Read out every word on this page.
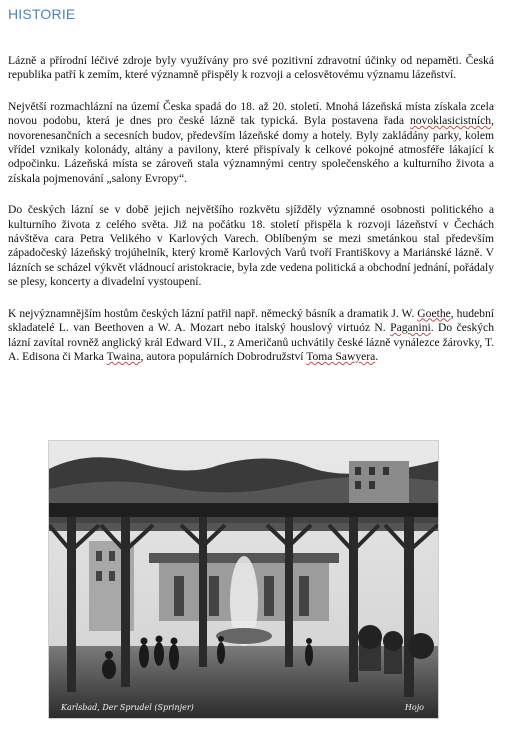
HISTORIE

Lázně a přírodní léčivé zdroje byly využívány pro své pozitivní zdravotní účinky od nepaměti. Česká republika patří k zemím, které významně přispěly k rozvoji a celosvětovému významu lázeňství.

Největší rozmachlázní na území Česka spadá do 18. až 20. století. Mnohá lázeňská místa získala zcela novou podobu, která je dnes pro české lázně tak typická. Byla postavena řada novoklasicistních, novorenesančních a secesních budov, především lázeňské domy a hotely. Byly zakládány parky, kolem vřídel vznikaly kolonády, altány a pavilony, které přispívaly k celkové pokojné atmosféře lákající k odpočinku. Lázeňská místa se zároveň stala významnými centry společenského a kulturního života a získala pojmenování „salony Evropy“.

Do českých lázní se v době jejich největšího rozkvětu sjížděly významné osobnosti politického a kulturního života z celého světa. Již na počátku 18. století přispěla k rozvoji lázeňství v Čechách návštěva cara Petra Velikého v Karlových Varech. Oblíbeným se mezi smetánkou stal především západočeský lázeňský trojúhelník, který kromě Karlových Varů tvoří Františkovy a Mariánské lázně. V lázních se scházel výkvět vládnoucí aristokracie, byla zde vedena politická a obchodní jednání, pořádaly se plesy, koncerty a divadelní vystoupení.

K nejvýznamnějším hostům českých lázní patřil např. německý básník a dramatik J. W. Goethe, hudební skladatelé L. van Beethoven a W. A. Mozart nebo italský houslový virtuóz N. Paganini. Do českých lázní zavítal rovněž anglický král Edward VII., z Američanů uchvátily české lázně vynálezce žárovky, T. A. Edisona či Marka Twaina, autora populárních Dobrodružství Toma Sawyera.

Karlsbad, Der Sprudel (Sprinjer)	Hojo
